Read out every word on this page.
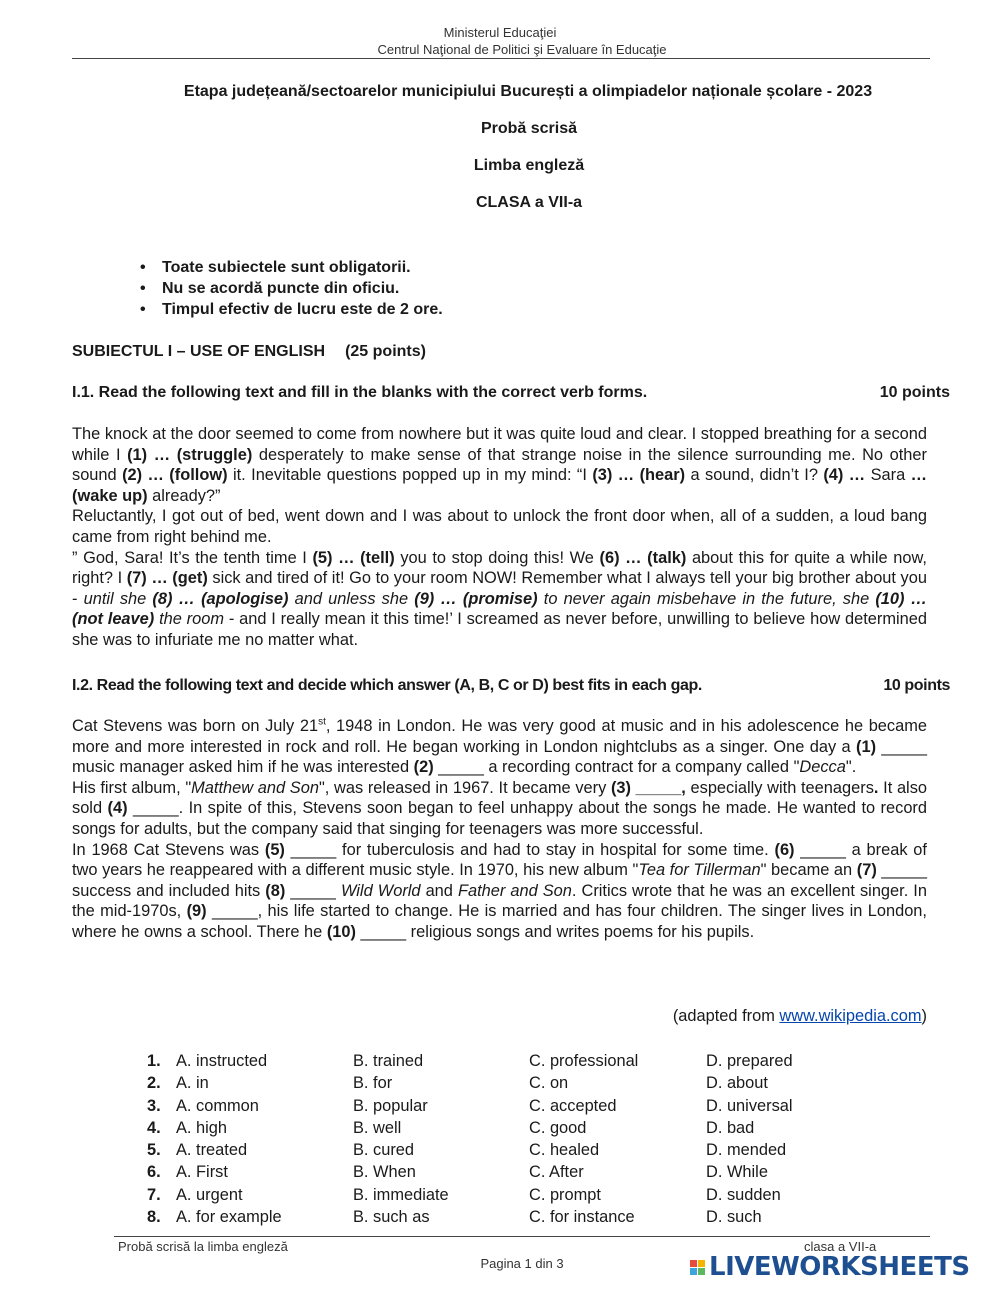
Ministerul Educaţiei
Centrul Naţional de Politici şi Evaluare în Educaţie
Etapa județeană/sectoarelor municipiului București a olimpiadelor naționale școlare - 2023
Probă scrisă
Limba engleză
CLASA a VII-a
• Toate subiectele sunt obligatorii.
• Nu se acordă puncte din oficiu.
• Timpul efectiv de lucru este de 2 ore.
SUBIECTUL I – USE OF ENGLISH (25 points)
I.1. Read the following text and fill in the blanks with the correct verb forms.	10 points

The knock at the door seemed to come from nowhere but it was quite loud and clear. I stopped breathing for a second while I (1) … (struggle) desperately to make sense of that strange noise in the silence surrounding me. No other sound (2) … (follow) it. Inevitable questions popped up in my mind: “I (3) … (hear) a sound, didn’t I? (4) … Sara … (wake up) already?”

Reluctantly, I got out of bed, went down and I was about to unlock the front door when, all of a sudden, a loud bang came from right behind me.

” God, Sara! It’s the tenth time I (5) … (tell) you to stop doing this! We (6) … (talk) about this for quite a while now, right? I (7) … (get) sick and tired of it! Go to your room NOW! Remember what I always tell your big brother about you - until she (8) … (apologise) and unless she (9) … (promise) to never again misbehave in the future, she (10) … (not leave) the room - and I really mean it this time!’ I screamed as never before, unwilling to believe how determined she was to infuriate me no matter what.

I.2. Read the following text and decide which answer (A, B, C or D) best fits in each gap.	10 points

Cat Stevens was born on July 21st, 1948 in London. He was very good at music and in his adolescence he became more and more interested in rock and roll. He began working in London nightclubs as a singer. One day a (1) _____ music manager asked him if he was interested (2) _____ a recording contract for a company called "Decca".

His first album, "Matthew and Son", was released in 1967. It became very (3) _____, especially with teenagers. It also sold (4) _____. In spite of this, Stevens soon began to feel unhappy about the songs he made. He wanted to record songs for adults, but the company said that singing for teenagers was more successful.

In 1968 Cat Stevens was (5) _____ for tuberculosis and had to stay in hospital for some time. (6) _____ a break of two years he reappeared with a different music style. In 1970, his new album "Tea for Tillerman" became an (7) _____ success and included hits (8) _____ Wild World and Father and Son. Critics wrote that he was an excellent singer. In the mid-1970s, (9) _____, his life started to change. He is married and has four children. The singer lives in London, where he owns a school. There he (10) _____ religious songs and writes poems for his pupils.

(adapted from www.wikipedia.com)
1. A. instructed	B. trained	C. professional	D. prepared
2. A. in	B. for	C. on	D. about
3. A. common	B. popular	C. accepted	D. universal
4. A. high	B. well	C. good	D. bad
5. A. treated	B. cured	C. healed	D. mended
6. A. First	B. When	C. After	D. While
7. A. urgent	B. immediate	C. prompt	D. sudden
8. A. for example	B. such as	C. for instance	D. such
Probă scrisă la limba engleză	clasa a VII-a
Pagina 1 din 3	LIVEWORKSHEETS
